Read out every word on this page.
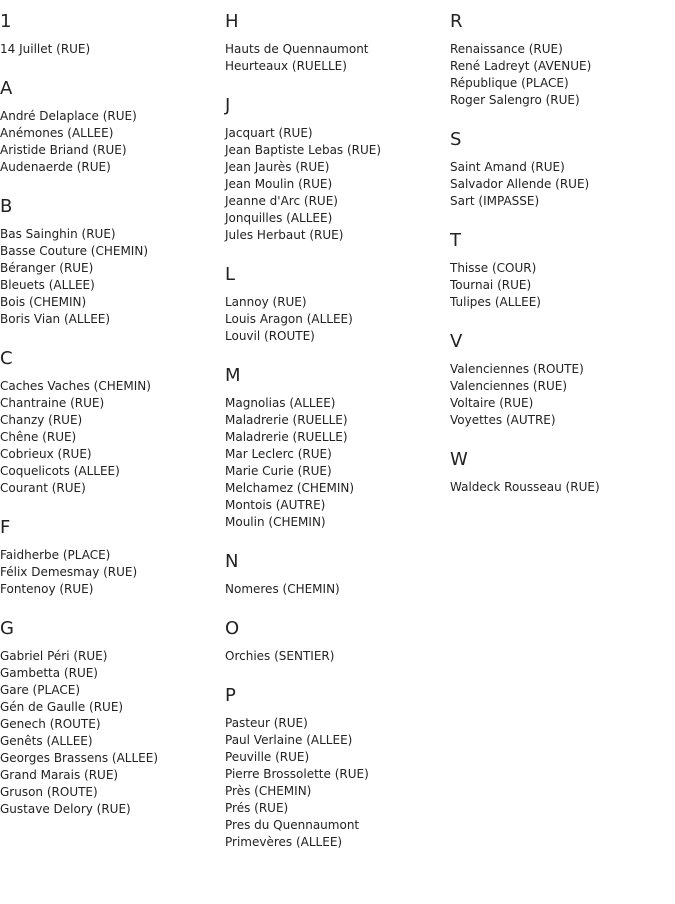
1
14 Juillet (RUE)
A
André Delaplace (RUE)
Anémones (ALLEE)
Aristide Briand (RUE)
Audenaerde (RUE)
B
Bas Sainghin (RUE)
Basse Couture (CHEMIN)
Béranger (RUE)
Bleuets (ALLEE)
Bois (CHEMIN)
Boris Vian (ALLEE)
C
Caches Vaches (CHEMIN)
Chantraine (RUE)
Chanzy (RUE)
Chêne (RUE)
Cobrieux (RUE)
Coquelicots (ALLEE)
Courant (RUE)
F
Faidherbe (PLACE)
Félix Demesmay (RUE)
Fontenoy (RUE)
G
Gabriel Péri (RUE)
Gambetta (RUE)
Gare (PLACE)
Gén de Gaulle (RUE)
Genech (ROUTE)
Genêts (ALLEE)
Georges Brassens (ALLEE)
Grand Marais (RUE)
Gruson (ROUTE)
Gustave Delory (RUE)
H
Hauts de Quennaumont
Heurteaux (RUELLE)
J
Jacquart (RUE)
Jean Baptiste Lebas (RUE)
Jean Jaurès (RUE)
Jean Moulin (RUE)
Jeanne d'Arc (RUE)
Jonquilles (ALLEE)
Jules Herbaut (RUE)
L
Lannoy (RUE)
Louis Aragon (ALLEE)
Louvil (ROUTE)
M
Magnolias (ALLEE)
Maladrerie (RUELLE)
Maladrerie (RUELLE)
Mar Leclerc (RUE)
Marie Curie (RUE)
Melchamez (CHEMIN)
Montois (AUTRE)
Moulin (CHEMIN)
N
Nomeres (CHEMIN)
O
Orchies (SENTIER)
P
Pasteur (RUE)
Paul Verlaine (ALLEE)
Peuville (RUE)
Pierre Brossolette (RUE)
Près (CHEMIN)
Prés (RUE)
Pres du Quennaumont
Primevères (ALLEE)
R
Renaissance (RUE)
René Ladreyt (AVENUE)
République (PLACE)
Roger Salengro (RUE)
S
Saint Amand (RUE)
Salvador Allende (RUE)
Sart (IMPASSE)
T
Thisse (COUR)
Tournai (RUE)
Tulipes (ALLEE)
V
Valenciennes (ROUTE)
Valenciennes (RUE)
Voltaire (RUE)
Voyettes (AUTRE)
W
Waldeck Rousseau (RUE)
